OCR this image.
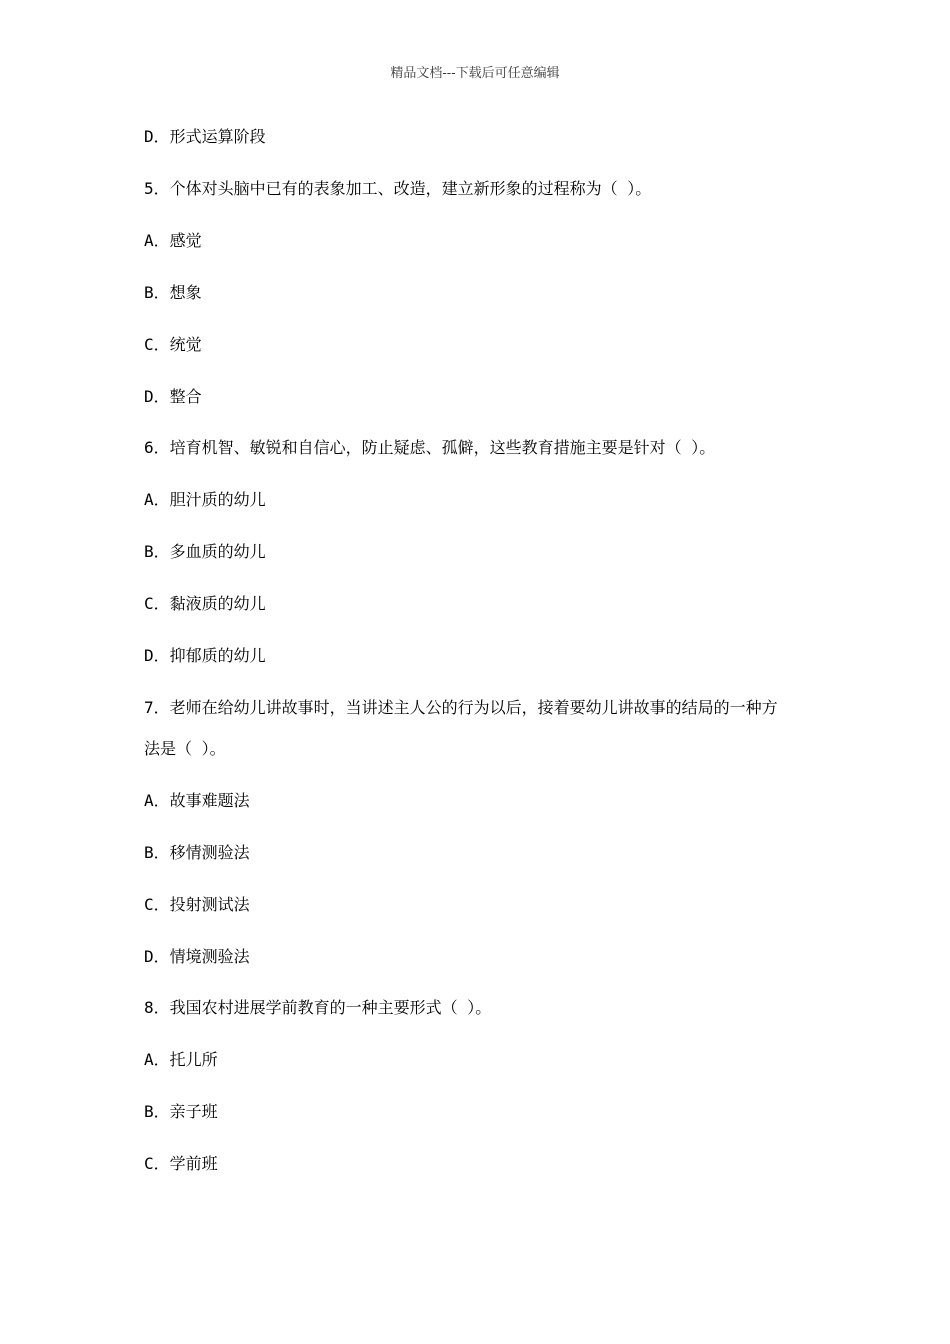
精品文档---下载后可任意编辑
D．形式运算阶段
5．个体对头脑中已有的表象加工、改造，建立新形象的过程称为（ ）。
A．感觉
B．想象
C．统觉
D．整合
6．培育机智、敏锐和自信心，防止疑虑、孤僻，这些教育措施主要是针对（ ）。
A．胆汁质的幼儿
B．多血质的幼儿
C．黏液质的幼儿
D．抑郁质的幼儿
7．老师在给幼儿讲故事时，当讲述主人公的行为以后，接着要幼儿讲故事的结局的一种方
法是（ ）。
A．故事难题法
B．移情测验法
C．投射测试法
D．情境测验法
8．我国农村进展学前教育的一种主要形式（ ）。
A．托儿所
B．亲子班
C．学前班
